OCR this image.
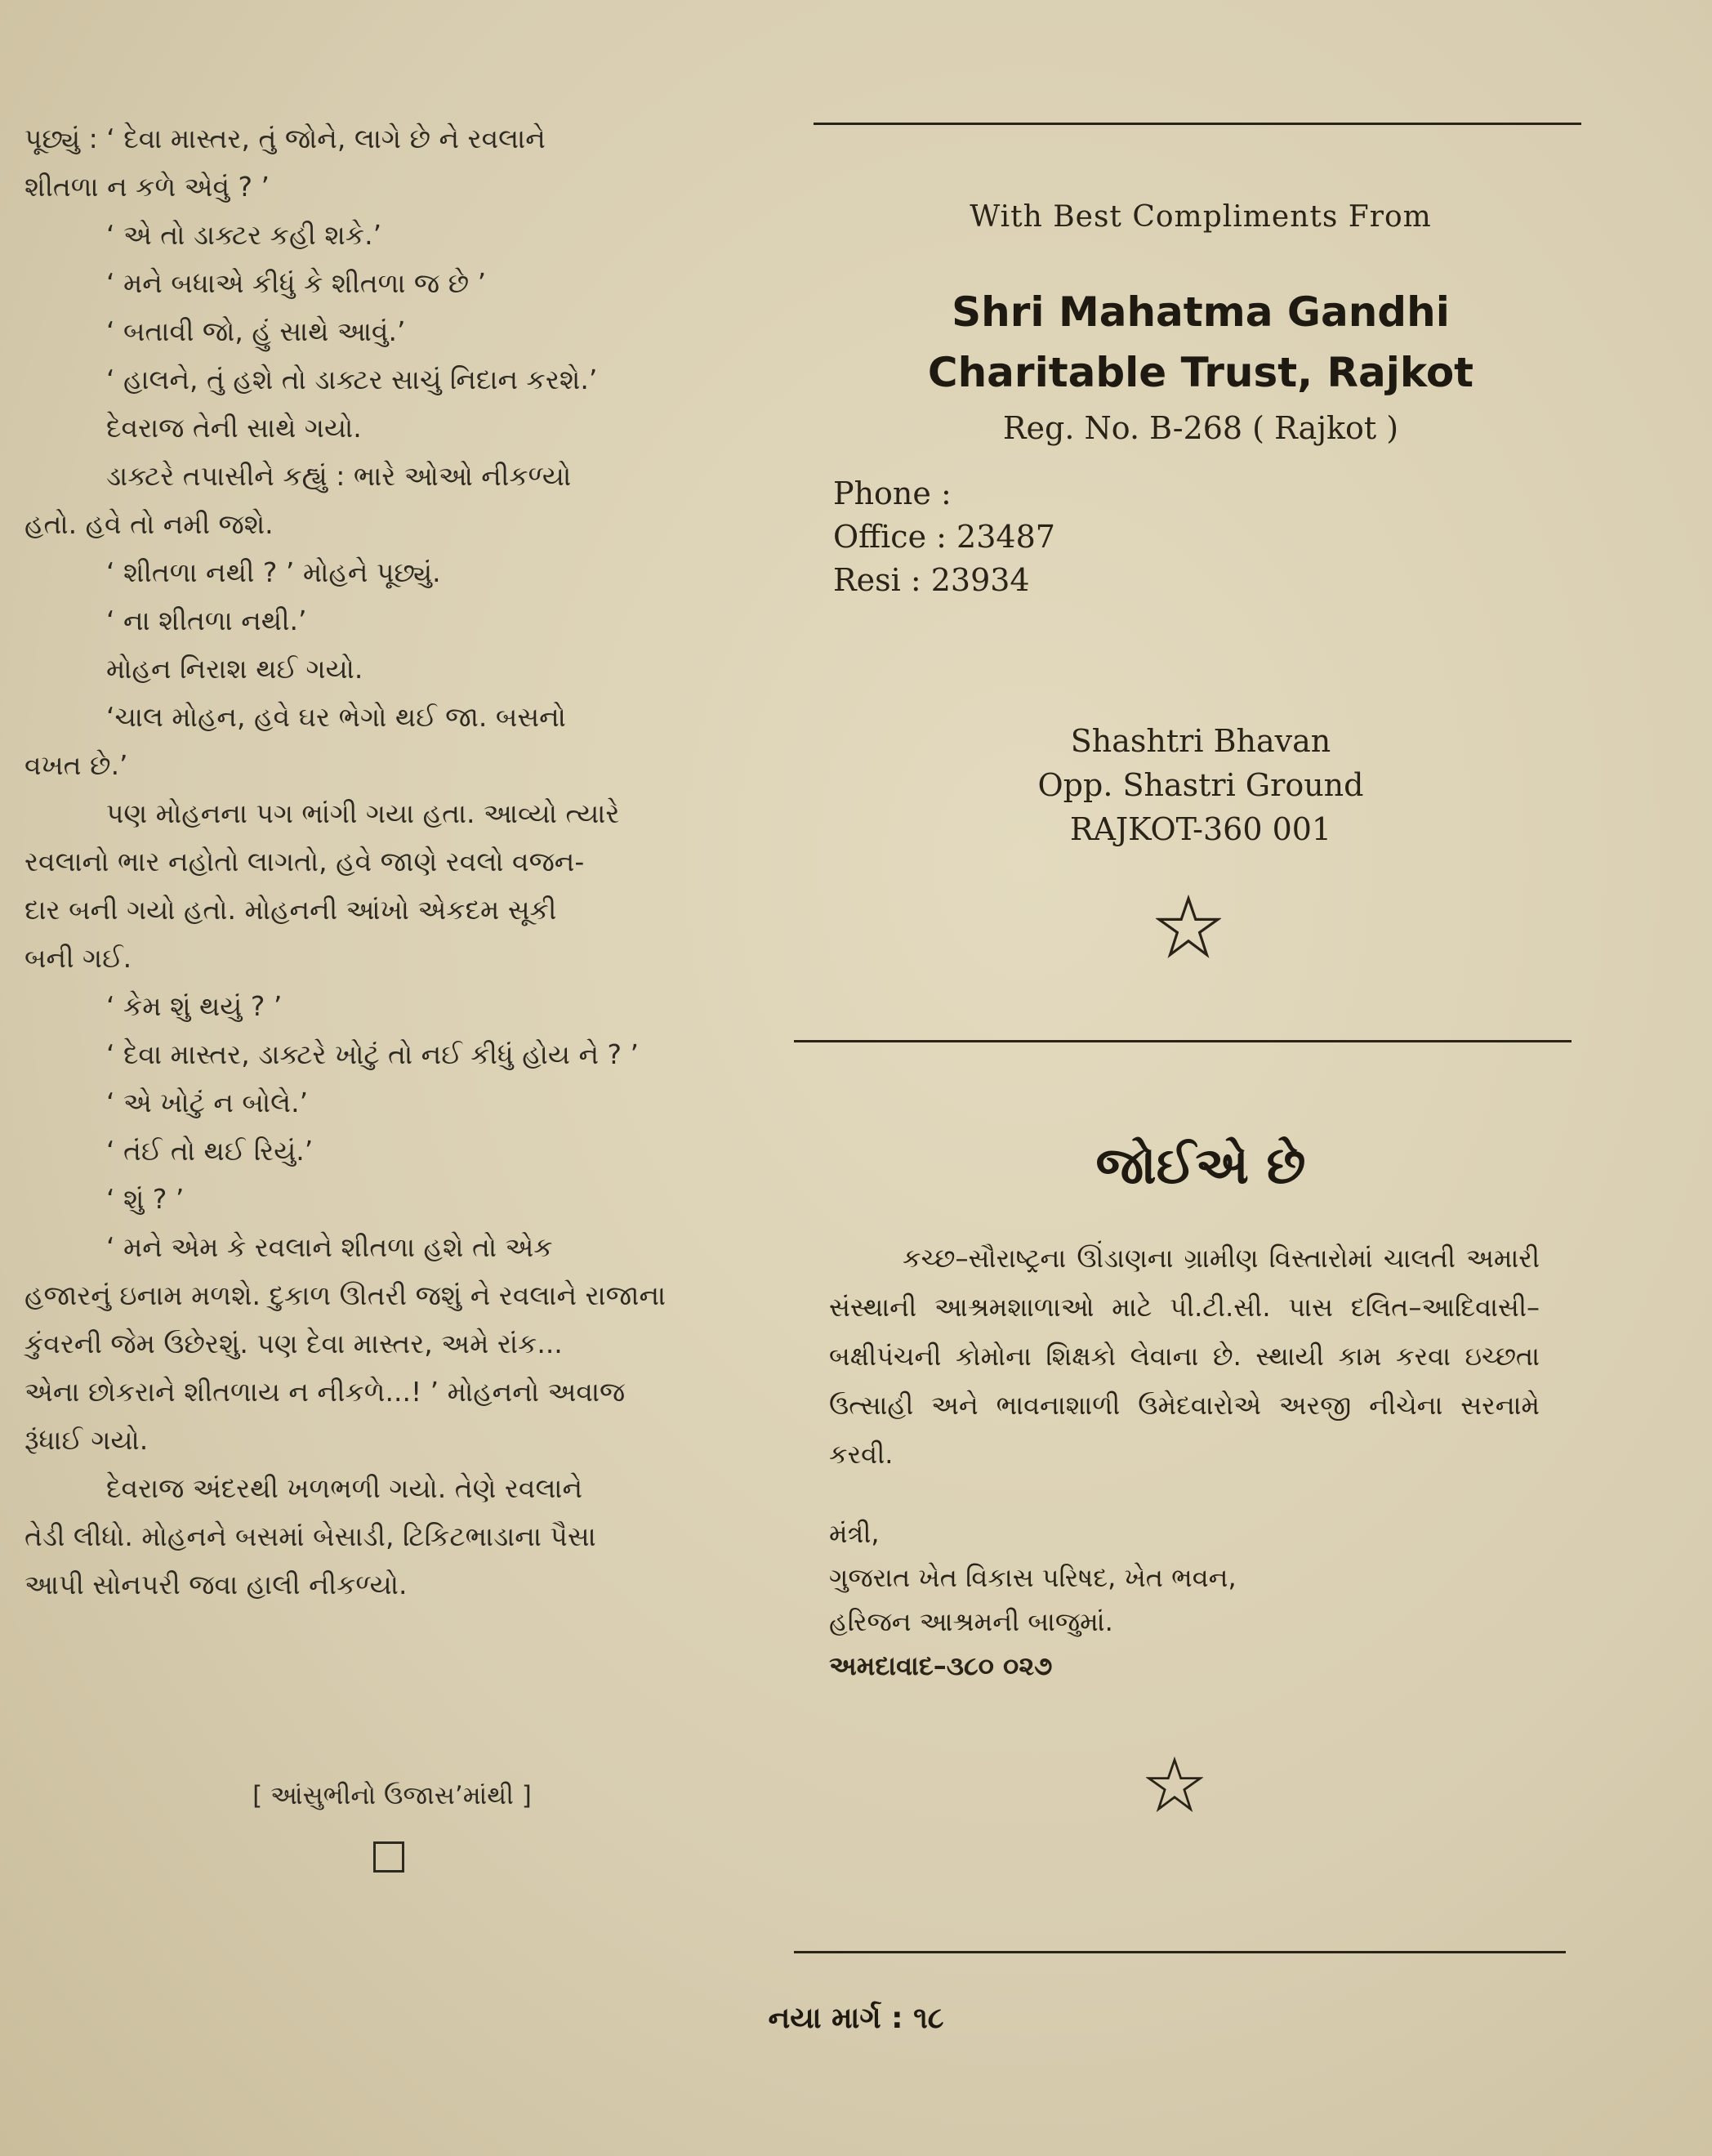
પૂછ્યું : ‘ દેવા માસ્તર, તું જોને, લાગે છે ને રવલાને

શીતળા ન કળે એવું ? ’

‘ એ તો ડાક્ટર કહી શકે.’

‘ મને બધાએ કીધું કે શીતળા જ છે ’

‘ બતાવી જો, હું સાથે આવું.’

‘ હાલને, તું હશે તો ડાક્ટર સાચું નિદાન કરશે.’

દેવરાજ તેની સાથે ગયો.

ડાક્ટરે તપાસીને કહ્યું : ભારે ઓઓ નીકળ્યો

હતો. હવે તો નમી જશે.

‘ શીતળા નથી ? ’ મોહને પૂછ્યું.

‘ ના શીતળા નથી.’

મોહન નિરાશ થઈ ગયો.

‘ચાલ મોહન, હવે ઘર ભેગો થઈ જા. બસનો

વખત છે.’

પણ મોહનના પગ ભાંગી ગયા હતા. આવ્યો ત્યારે

રવલાનો ભાર નહોતો લાગતો, હવે જાણે રવલો વજન-

દાર બની ગયો હતો. મોહનની આંખો એકદમ સૂકી

બની ગઈ.

‘ કેમ શું થયું ? ’

‘ દેવા માસ્તર, ડાક્ટરે ખોટું તો નઈ કીધું હોય ને ? ’

‘ એ ખોટું ન બોલે.’

‘ તંઈ તો થઈ રિયું.’

‘ શું ? ’

‘ મને એમ કે રવલાને શીતળા હશે તો એક

હજારનું ઇનામ મળશે. દુકાળ ઊતરી જશું ને રવલાને રાજાના

કુંવરની જેમ ઉછેરશું. પણ દેવા માસ્તર, અમે રાંક...

એના છોકરાને શીતળાય ન નીકળે...! ’ મોહનનો અવાજ

રૂંધાઈ ગયો.

દેવરાજ અંદરથી ખળભળી ગયો. તેણે રવલાને

તેડી લીધો. મોહનને બસમાં બેસાડી, ટિકિટભાડાના પૈસા

આપી સોનપરી જવા હાલી નીકળ્યો.

[ આંસુભીનો ઉજાસ’માંથી ]
With Best Compliments From
Shri Mahatma Gandhi
Charitable Trust, Rajkot
Reg. No. B-268 ( Rajkot )
Phone :
Office : 23487
Resi : 23934
Shashtri Bhavan
Opp. Shastri Ground
RAJKOT-360 001
જોઈએ છે
કચ્છ–સૌરાષ્ટ્રના ઊંડાણના ગ્રામીણ વિસ્તારોમાં ચાલતી અમારી સંસ્થાની આશ્રમશાળાઓ માટે પી.ટી.સી. પાસ દલિત–આદિવાસી–બક્ષીપંચની કોમોના શિક્ષકો લેવાના છે. સ્થાયી કામ કરવા ઇચ્છતા ઉત્સાહી અને ભાવનાશાળી ઉમેદવારોએ અરજી નીચેના સરનામે કરવી.
મંત્રી,
ગુજરાત ખેત વિકાસ પરિષદ, ખેત ભવન,
હરિજન આશ્રમની બાજુમાં.
અમદાવાદ–૩૮૦ ૦૨૭
નયા માર્ગ : ૧૮
